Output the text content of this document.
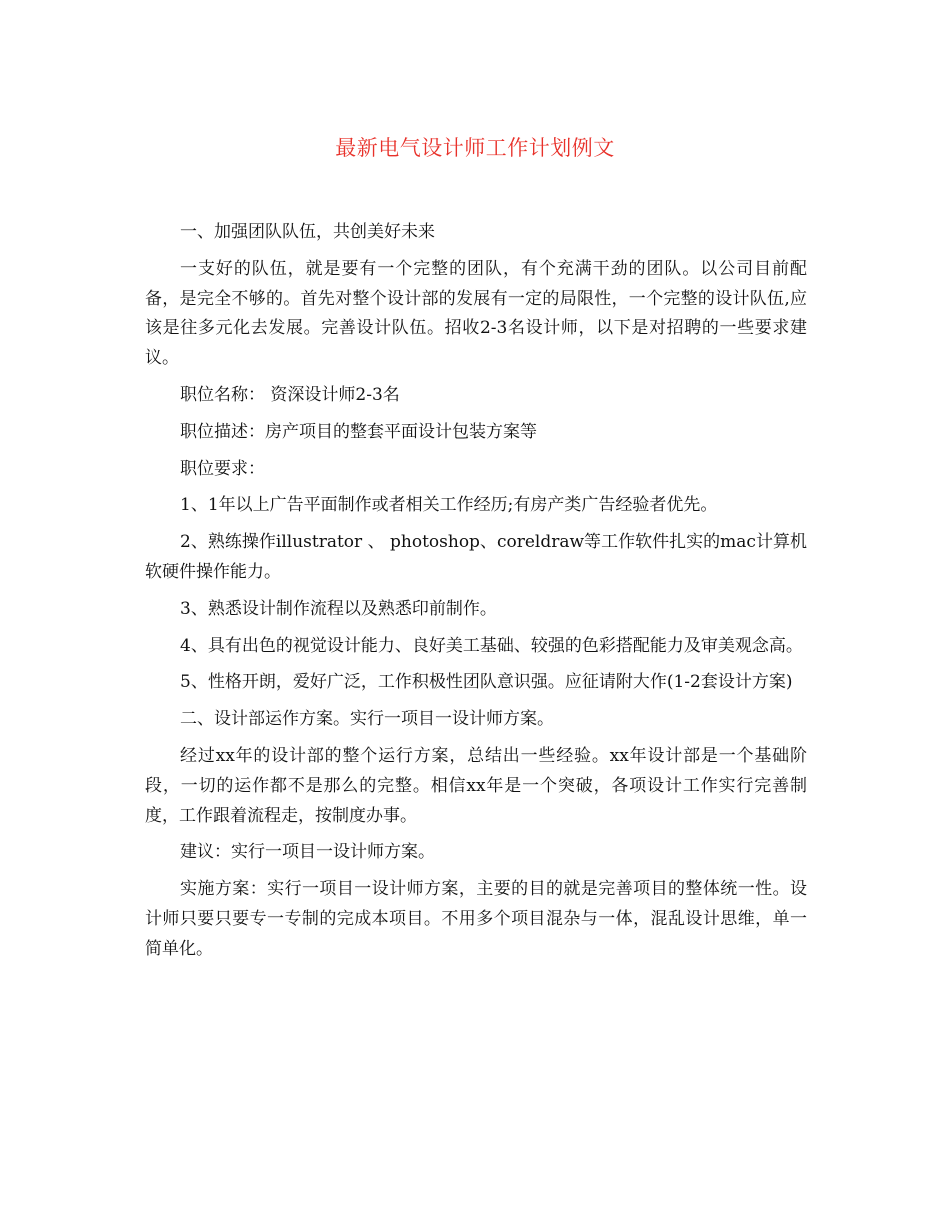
最新电气设计师工作计划例文

一、加强团队队伍，共创美好未来

一支好的队伍，就是要有一个完整的团队，有个充满干劲的团队。以公司目前配备，是完全不够的。首先对整个设计部的发展有一定的局限性，一个完整的设计队伍,应该是往多元化去发展。完善设计队伍。招收2-3名设计师，以下是对招聘的一些要求建议。

职位名称： 资深设计师2-3名

职位描述：房产项目的整套平面设计包装方案等

职位要求：

1、1年以上广告平面制作或者相关工作经历;有房产类广告经验者优先。

2、熟练操作illustrator 、 photoshop、coreldraw等工作软件扎实的mac计算机软硬件操作能力。

3、熟悉设计制作流程以及熟悉印前制作。

4、具有出色的视觉设计能力、良好美工基础、较强的色彩搭配能力及审美观念高。

5、性格开朗，爱好广泛，工作积极性团队意识强。应征请附大作(1-2套设计方案)

二、设计部运作方案。实行一项目一设计师方案。

经过xx年的设计部的整个运行方案，总结出一些经验。xx年设计部是一个基础阶段，一切的运作都不是那么的完整。相信xx年是一个突破，各项设计工作实行完善制度，工作跟着流程走，按制度办事。

建议：实行一项目一设计师方案。

实施方案：实行一项目一设计师方案，主要的目的就是完善项目的整体统一性。设计师只要只要专一专制的完成本项目。不用多个项目混杂与一体，混乱设计思维，单一简单化。
